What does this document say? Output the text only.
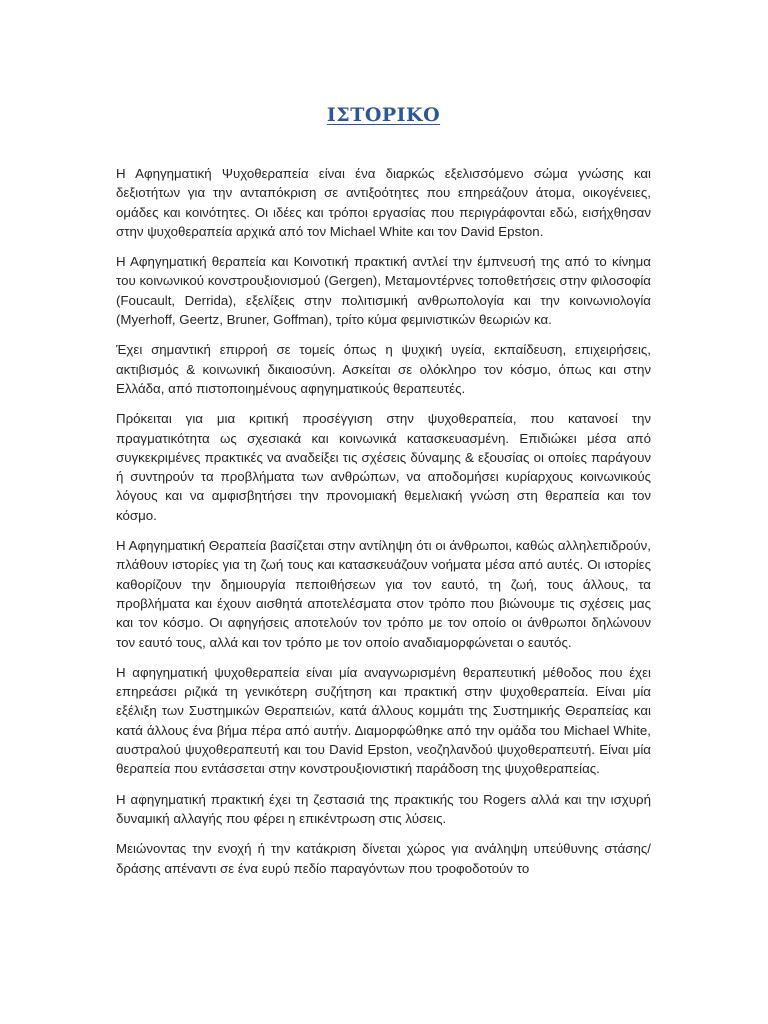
ΙΣΤΟΡΙΚΟ

Η Αφηγηματική Ψυχοθεραπεία είναι ένα διαρκώς εξελισσόμενο σώμα γνώσης και δεξιοτήτων για την ανταπόκριση σε αντιξοότητες που επηρεάζουν άτομα, οικογένειες, ομάδες και κοινότητες. Οι ιδέες και τρόποι εργασίας που περιγράφονται εδώ, εισήχθησαν στην ψυχοθεραπεία αρχικά από τον Michael White και τον David Epston.

Η Αφηγηματική θεραπεία και Κοινοτική πρακτική αντλεί την έμπνευσή της από το κίνημα του κοινωνικού κονστρουξιονισμού (Gergen), Μεταμοντέρνες τοποθετήσεις στην φιλοσοφία (Foucault, Derrida), εξελίξεις στην πολιτισμική ανθρωπολογία και την κοινωνιολογία (Myerhoff, Geertz, Bruner, Goffman), τρίτο κύμα φεμινιστικών θεωριών κα.

Έχει σημαντική επιρροή σε τομείς όπως η ψυχική υγεία, εκπαίδευση, επιχειρήσεις, ακτιβισμός & κοινωνική δικαιοσύνη. Ασκείται σε ολόκληρο τον κόσμο, όπως και στην Ελλάδα, από πιστοποιημένους αφηγηματικούς θεραπευτές.

Πρόκειται για μια κριτική προσέγγιση στην ψυχοθεραπεία, που κατανοεί την πραγματικότητα ως σχεσιακά και κοινωνικά κατασκευασμένη. Επιδιώκει μέσα από συγκεκριμένες πρακτικές να αναδείξει τις σχέσεις δύναμης & εξουσίας οι οποίες παράγουν ή συντηρούν τα προβλήματα των ανθρώπων, να αποδομήσει κυρίαρχους κοινωνικούς λόγους και να αμφισβητήσει την προνομιακή θεμελιακή γνώση στη θεραπεία και τον κόσμο.

Η Αφηγηματική Θεραπεία βασίζεται στην αντίληψη ότι οι άνθρωποι, καθώς αλληλεπιδρούν, πλάθουν ιστορίες για τη ζωή τους και κατασκευάζουν νοήματα μέσα από αυτές. Οι ιστορίες καθορίζουν την δημιουργία πεποιθήσεων για τον εαυτό, τη ζωή, τους άλλους, τα προβλήματα και έχουν αισθητά αποτελέσματα στον τρόπο που βιώνουμε τις σχέσεις μας και τον κόσμο. Οι αφηγήσεις αποτελούν τον τρόπο με τον οποίο οι άνθρωποι δηλώνουν τον εαυτό τους, αλλά και τον τρόπο με τον οποίο αναδιαμορφώνεται ο εαυτός.

Η αφηγηματική ψυχοθεραπεία είναι μία αναγνωρισμένη θεραπευτική μέθοδος που έχει επηρεάσει ριζικά τη γενικότερη συζήτηση και πρακτική στην ψυχοθεραπεία. Είναι μία εξέλιξη των Συστημικών Θεραπειών, κατά άλλους κομμάτι της Συστημικής Θεραπείας και κατά άλλους ένα βήμα πέρα από αυτήν. Διαμορφώθηκε από την ομάδα του Michael White, αυστραλού ψυχοθεραπευτή και του David Epston, νεοζηλανδού ψυχοθεραπευτή. Είναι μία θεραπεία που εντάσσεται στην κονστρουξιονιστική παράδοση της ψυχοθεραπείας.

Η αφηγηματική πρακτική έχει τη ζεστασιά της πρακτικής του Rogers αλλά και την ισχυρή δυναμική αλλαγής που φέρει η επικέντρωση στις λύσεις.

Μειώνοντας την ενοχή ή την κατάκριση δίνεται χώρος για ανάληψη υπεύθυνης στάσης/δράσης απέναντι σε ένα ευρύ πεδίο παραγόντων που τροφοδοτούν το
